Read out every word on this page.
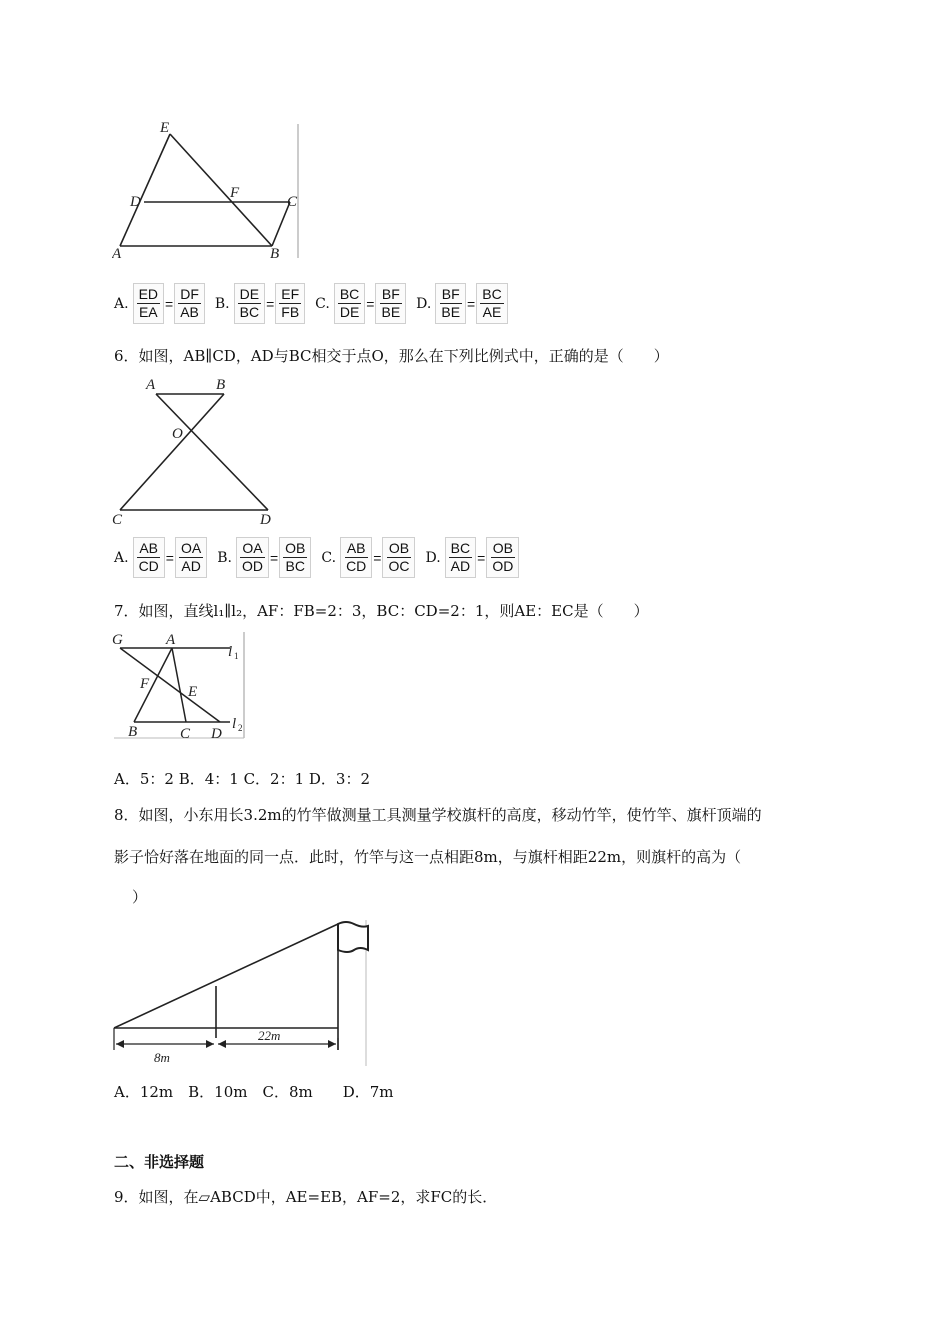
E
D
F
C
A	B
A. $\frac{ED}{EA} = \frac{DF}{AB} B$. $\frac{DE}{BC} = \frac{EF}{FB} C$. $\frac{BC}{DE} = \frac{BF}{BE} D$. $\frac{BF}{BE} = \frac{BC}{AE}$
6．如图，AB∥CD，AD与BC相交于点O，那么在下列比例式中，正确的是（　　）
A	B
O
C	D
A. $\frac{AB}{CD} = \frac{OA}{AD} B$. $\frac{OA}{OD} = \frac{OB}{BC} C$. $\frac{AB}{CD} = \frac{OB}{OC} D$. $\frac{BC}{AD} = \frac{OB}{OD}$
7．如图，直线l₁∥l₂，AF：FB=2：3，BC：CD=2：1，则AE：EC是（　　）
G	A
l 1
F	E
B	C D
l 2
A．5：2 B．4：1 C．2：1 D．3：2
8．如图，小东用长3.2m的竹竿做测量工具测量学校旗杆的高度，移动竹竿，使竹竿、旗杆顶端的
影子恰好落在地面的同一点．此时，竹竿与这一点相距8m，与旗杆相距22m，则旗杆的高为（
）
8m
22m
A．12m　B．10m　C．8m　　D．7m
二、非选择题
9．如图，在▱ABCD中，AE=EB，AF=2，求FC的长．
